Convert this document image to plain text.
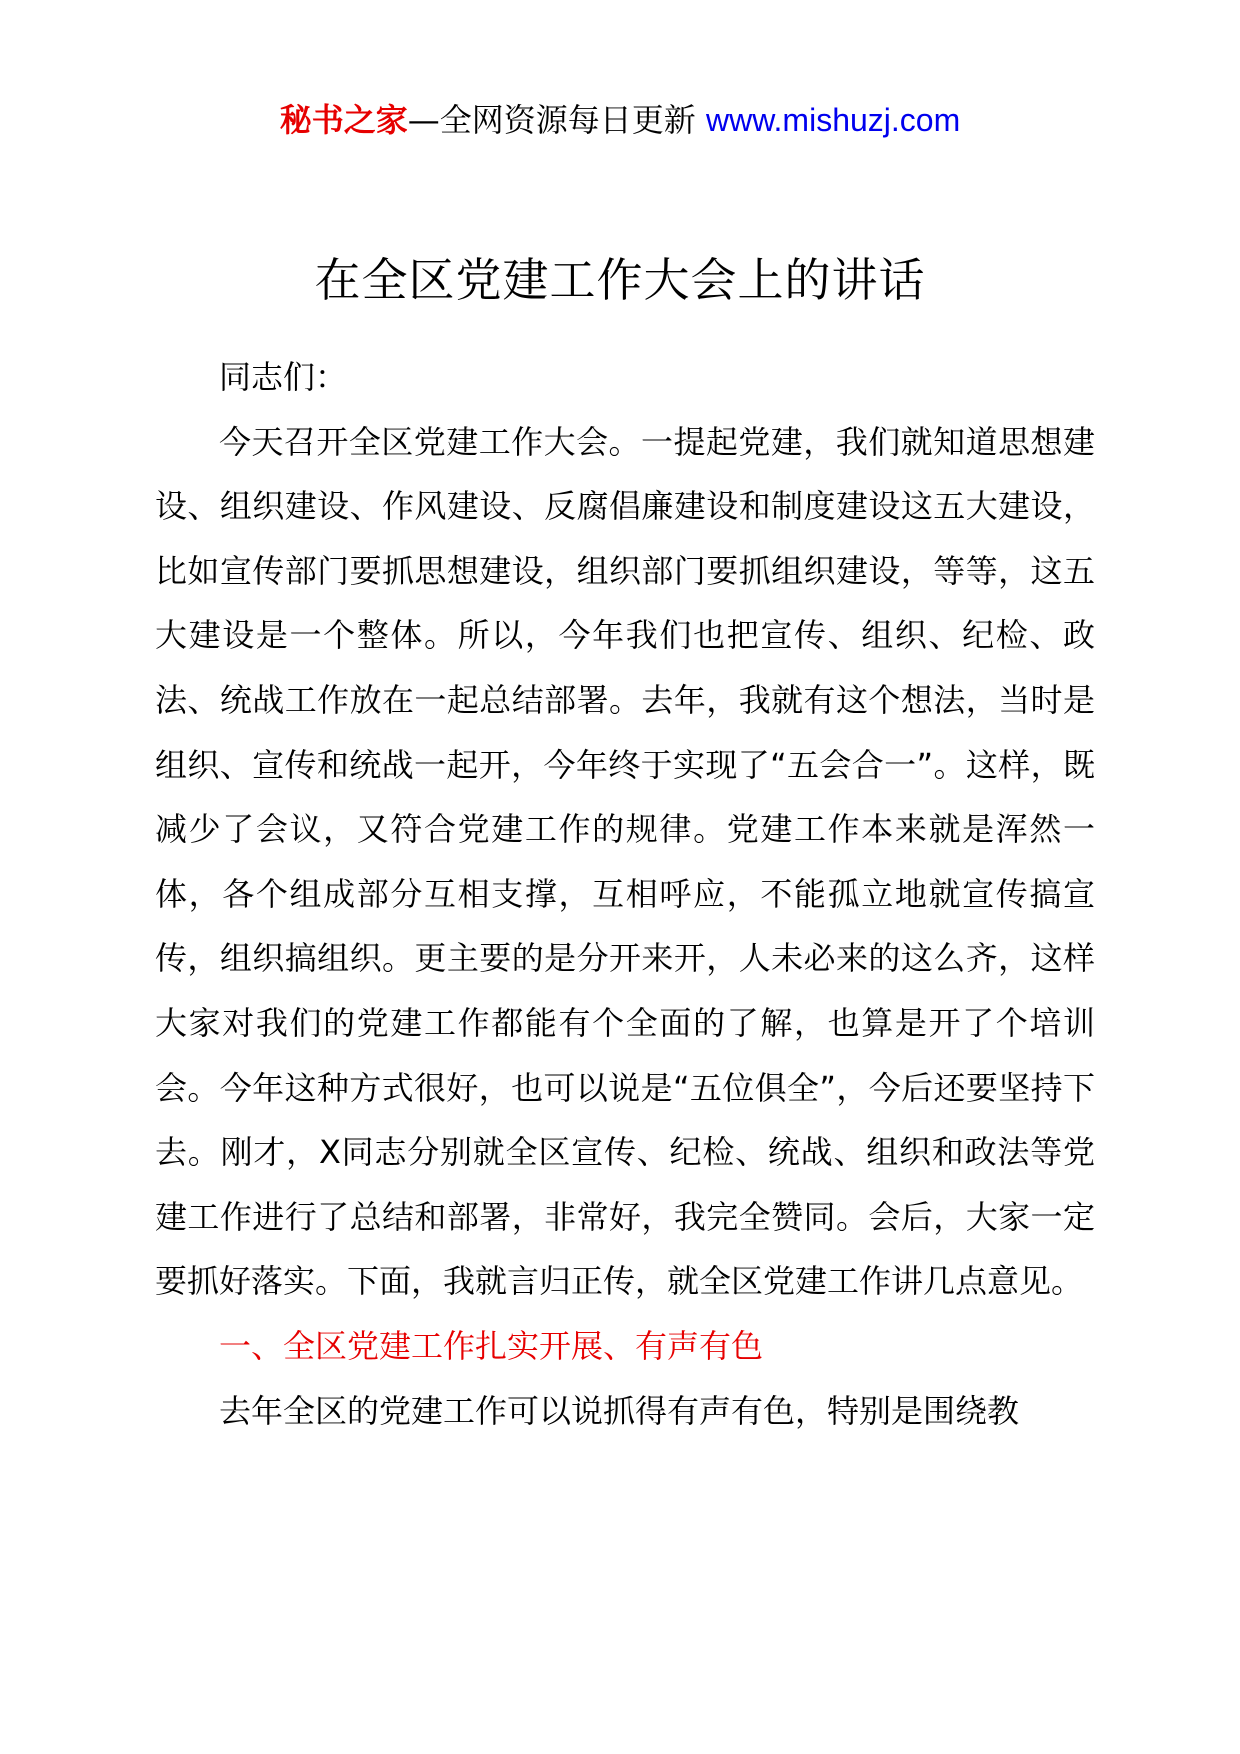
秘书之家—全网资源每日更新 www.mishuzj.com
在全区党建工作大会上的讲话

同志们：

今天召开全区党建工作大会。一提起党建，我们就知道思想建设、组织建设、作风建设、反腐倡廉建设和制度建设这五大建设，比如宣传部门要抓思想建设，组织部门要抓组织建设，等等，这五大建设是一个整体。所以，今年我们也把宣传、组织、纪检、政法、统战工作放在一起总结部署。去年，我就有这个想法，当时是组织、宣传和统战一起开，今年终于实现了“五会合一”。这样，既减少了会议，又符合党建工作的规律。党建工作本来就是浑然一体，各个组成部分互相支撑，互相呼应，不能孤立地就宣传搞宣传，组织搞组织。更主要的是分开来开，人未必来的这么齐，这样大家对我们的党建工作都能有个全面的了解，也算是开了个培训会。今年这种方式很好，也可以说是“五位俱全”，今后还要坚持下去。刚才，X同志分别就全区宣传、纪检、统战、组织和政法等党建工作进行了总结和部署，非常好，我完全赞同。会后，大家一定要抓好落实。下面，我就言归正传，就全区党建工作讲几点意见。

一、全区党建工作扎实开展、有声有色

去年全区的党建工作可以说抓得有声有色，特别是围绕教
